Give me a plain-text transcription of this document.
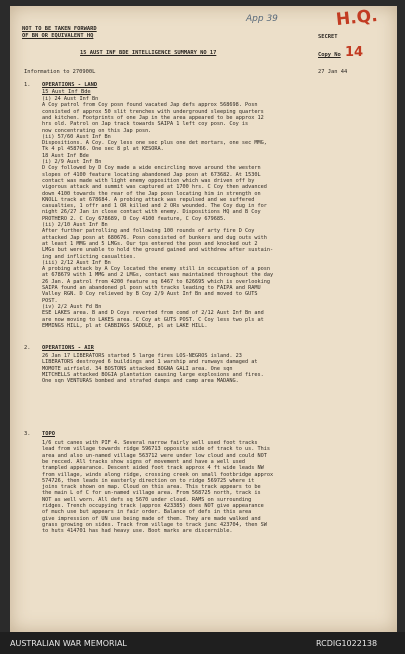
NOT TO BE TAKEN FORWARD
OF BN OR EQUIVALENT HQ
App 39	H.Q.
SECRET
15 AUST INF BDE INTELLIGENCE SUMMARY NO 17	Copy No 14
Information to 270900L	27 Jan 44
1. OPERATIONS - LAND
15 Aust Inf Bde
(i) 24 Aust Inf Bn
A Coy patrol from Coy posn found vacated Jap defs approx 568698. Posn
consisted of approx 50 slit trenches with underground sleeping quarters
and kitchen. Footprints of one Jap in the area appeared to be approx 12
hrs old. Patrol on Jap track towards SAIPA 1 left coy posn. Coy is
now concentrating on this Jap posn.
(ii) 57/60 Aust Inf Bn
Dispositions. A Coy. Coy less one sec plus one det mortars, one sec MMG,
Tk 4 pl 458766. One sec 8 pl at KESORA.
18 Aust Inf Bde
(i) 2/9 Aust Inf Bn
D Coy followed by D Coy made a wide encircling move around the western
slopes of 4100 feature locating abandoned Jap posn at 673682. At 1530L
contact was made with light enemy opposition which was driven off by
vigorous attack and summit was captured at 1700 hrs. C Coy then advanced
down 4100 towards the rear of the Jap posn locating him in strength on
KNOLL track at 678684. A probing attack was repulsed and we suffered
casualties, 1 offr and 1 OR killed and 2 ORs wounded. The Coy dug in for
night 26/27 Jan in close contact with enemy. Dispositions HQ and B Coy
PROTHERO 2. C Coy 678689, D Coy 4100 feature, C Coy 679685.
(ii) 2/10 Aust Inf Bn
After further patrolling and following 100 rounds of arty fire D Coy
attacked Jap posn at 680676. Posn consisted of bunkers and dug outs with
at least 1 MMG and 5 LMGs. Our tps entered the posn and knocked out 2
LMGs but were unable to hold the ground gained and withdrew after sustain-
ing and inflicting casualties.
(iii) 2/12 Aust Inf Bn
A probing attack by A Coy located the enemy still in occupation of a posn
at 678679 with 1 MMG and 2 LMGs, contact was maintained throughout the day
26 Jan. A patrol from 4200 feature sq 6467 to 626695 which is overlooking
SAIPA found an abandoned pl posn with tracks leading to FAIPA and RAMU
Valley RGN. D Coy relieved by B Coy 2/9 Aust Inf Bn and moved to GUTS
POST.
(iv) 2/2 Aust Fd Bn
ESE LAKES area. B and D Coys reverted from comd of 2/12 Aust Inf Bn and
are now moving to LAKES area. C Coy at GUTS POST. C Coy less two pls at
EMMINGS HILL, pl at CABBINGS SADDLE, pl at LAKE HILL.
2. OPERATIONS - AIR
26 Jan 17 LIBERATORS started 5 large fires LOS-NEGROS island. 23
LIBERATORS destroyed 6 buildings and 1 warship and runways damaged at
MOMOTE airfield. 34 BOSTONS attacked BOGNA GALI area. One sqn
MITCHELLS attacked BOGIA plantation causing large explosions and fires.
One sqn VENTURAS bombed and strafed dumps and camp area MADANG.
3. TOPO
1/6 cut canes with PIF 4. Several narrow fairly well used foot tracks
lead from village towards ridge 596713 opposite side of track to us. This
area and also un-named village 563712 were under low cloud and could NOT
be recced. All tracks show signs of movement and have a well used
trampled appearance. Descent aided foot track approx 4 ft wide leads NW
from village, winds along ridge, crossing creek on small footbridge approx
574726, then leads in easterly direction on to ridge 569725 where it
joins track shown on map. Cloud on this area. This track appears to be
the main L of C for un-named village area. From 568725 north, track is
NOT as well worn. All defs sq 5670 under cloud. RAMS on surrounding
ridges. Trench occupying track (approx 423385) does NOT give appearance
of much use but appears in fair order. Balance of defs in this area
give impression of UN use being made of them. They are made walked and
grass growing on sides. Track from village to track junc 423704, then SW
to huts 414701 has had heavy use. Boot marks are discernible.
AUSTRALIAN WAR MEMORIAL	RCDIG1022138
